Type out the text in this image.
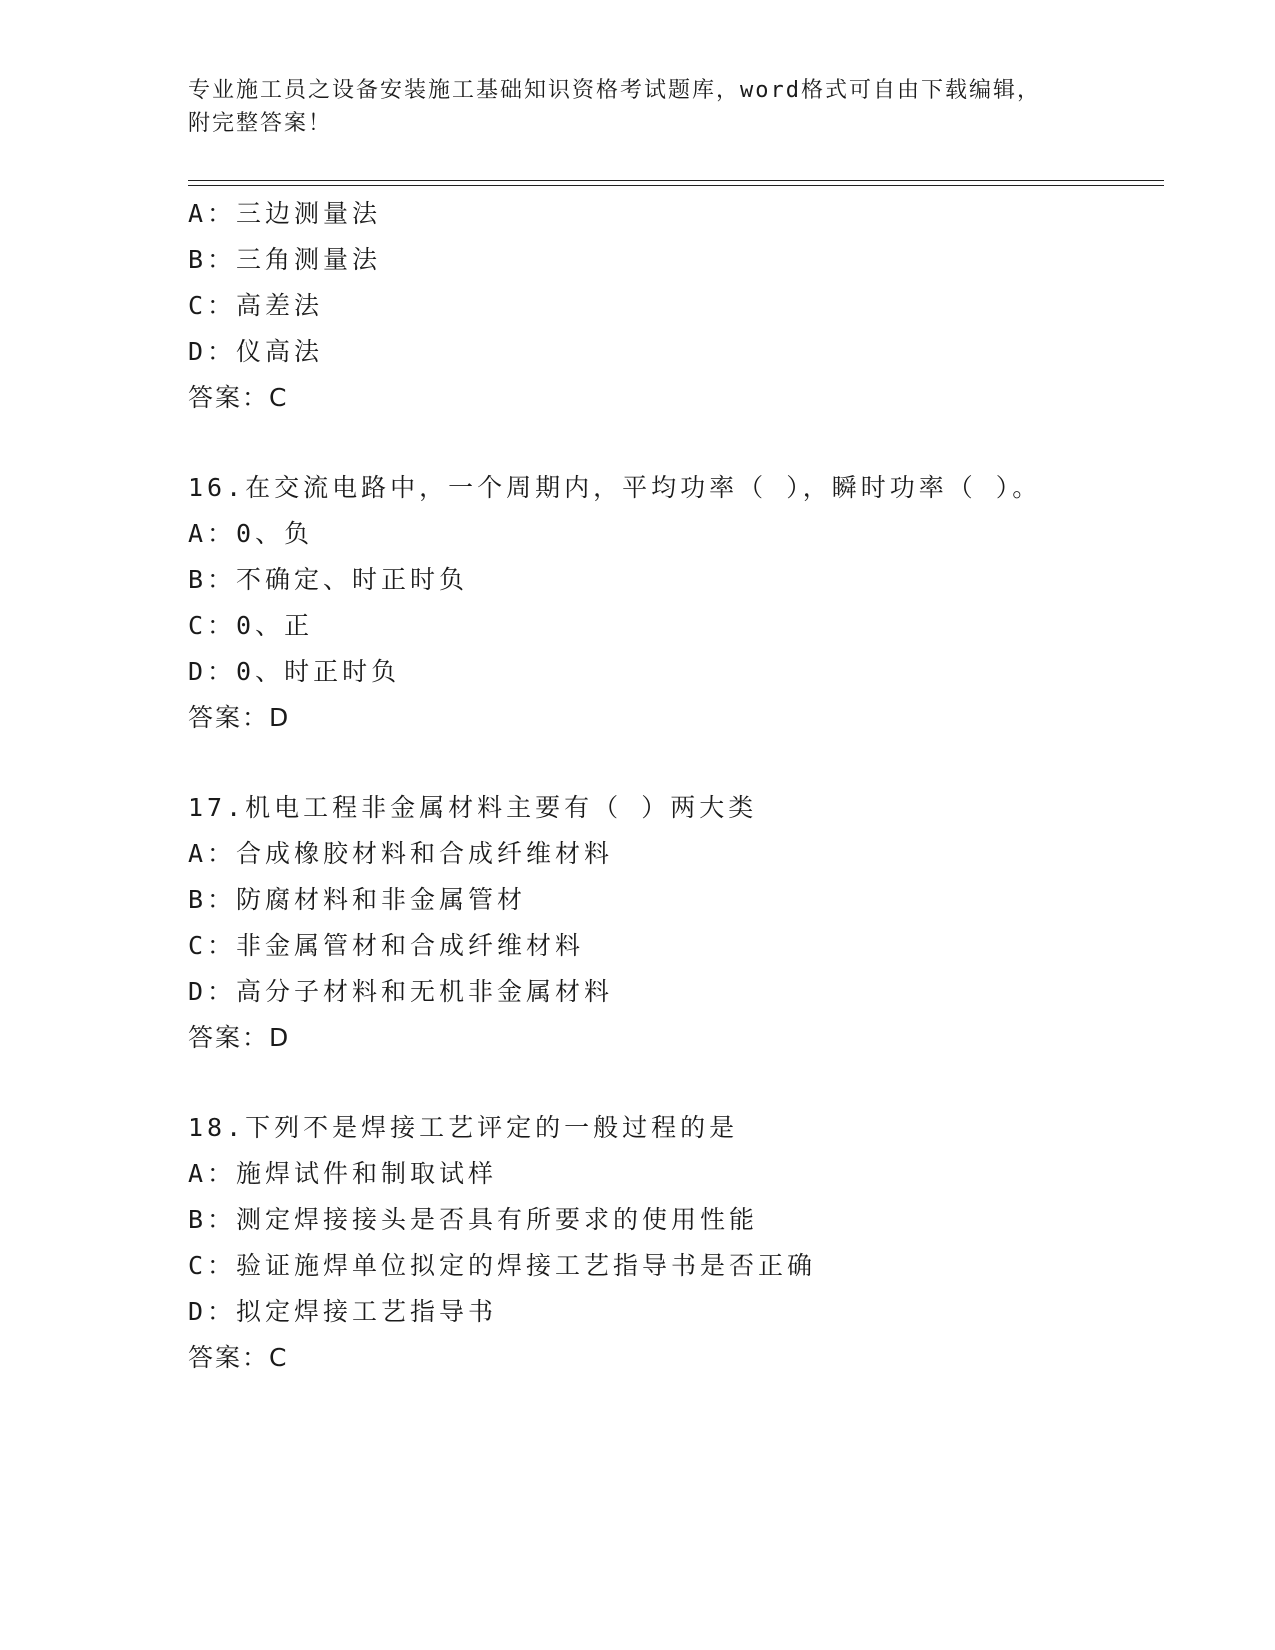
专业施工员之设备安装施工基础知识资格考试题库，word格式可自由下载编辑，
附完整答案！
A：三边测量法
B：三角测量法
C：高差法
D：仪高法
答案：C
16.在交流电路中，一个周期内，平均功率（ ），瞬时功率（ ）。
A：0、负
B：不确定、时正时负
C：0、正
D：0、时正时负
答案：D
17.机电工程非金属材料主要有（ ）两大类
A：合成橡胶材料和合成纤维材料
B：防腐材料和非金属管材
C：非金属管材和合成纤维材料
D：高分子材料和无机非金属材料
答案：D
18.下列不是焊接工艺评定的一般过程的是
A：施焊试件和制取试样
B：测定焊接接头是否具有所要求的使用性能
C：验证施焊单位拟定的焊接工艺指导书是否正确
D：拟定焊接工艺指导书
答案：C
